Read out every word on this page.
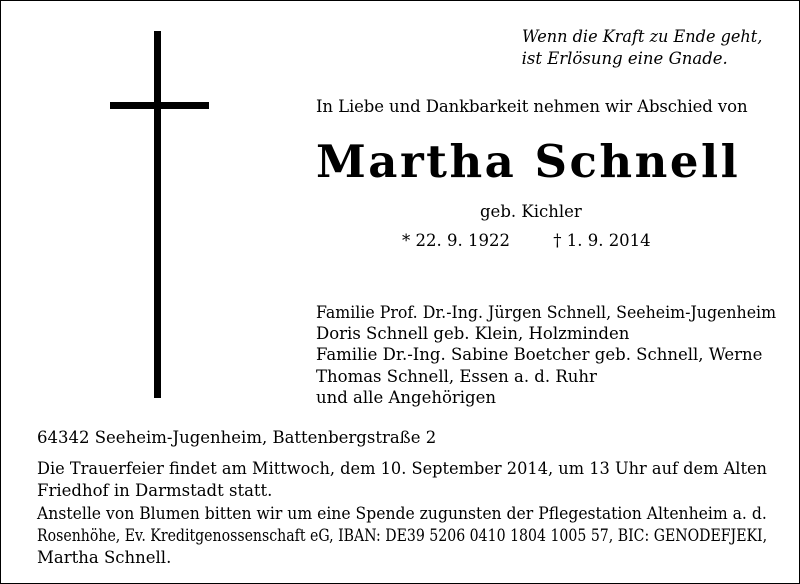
Wenn die Kraft zu Ende geht,
ist Erlösung eine Gnade.
In Liebe und Dankbarkeit nehmen wir Abschied von
Martha Schnell
geb. Kichler
* 22. 9. 1922	† 1. 9. 2014
Familie Prof. Dr.-Ing. Jürgen Schnell, Seeheim-Jugenheim
Doris Schnell geb. Klein, Holzminden
Familie Dr.-Ing. Sabine Boetcher geb. Schnell, Werne
Thomas Schnell, Essen a. d. Ruhr
und alle Angehörigen
64342 Seeheim-Jugenheim, Battenbergstraße 2
Die Trauerfeier findet am Mittwoch, dem 10. September 2014, um 13 Uhr auf dem Alten
Friedhof in Darmstadt statt.
Anstelle von Blumen bitten wir um eine Spende zugunsten der Pflegestation Altenheim a. d.
Rosenhöhe, Ev. Kreditgenossenschaft eG, IBAN: DE39 5206 0410 1804 1005 57, BIC: GENODEFJEKI,
Martha Schnell.
